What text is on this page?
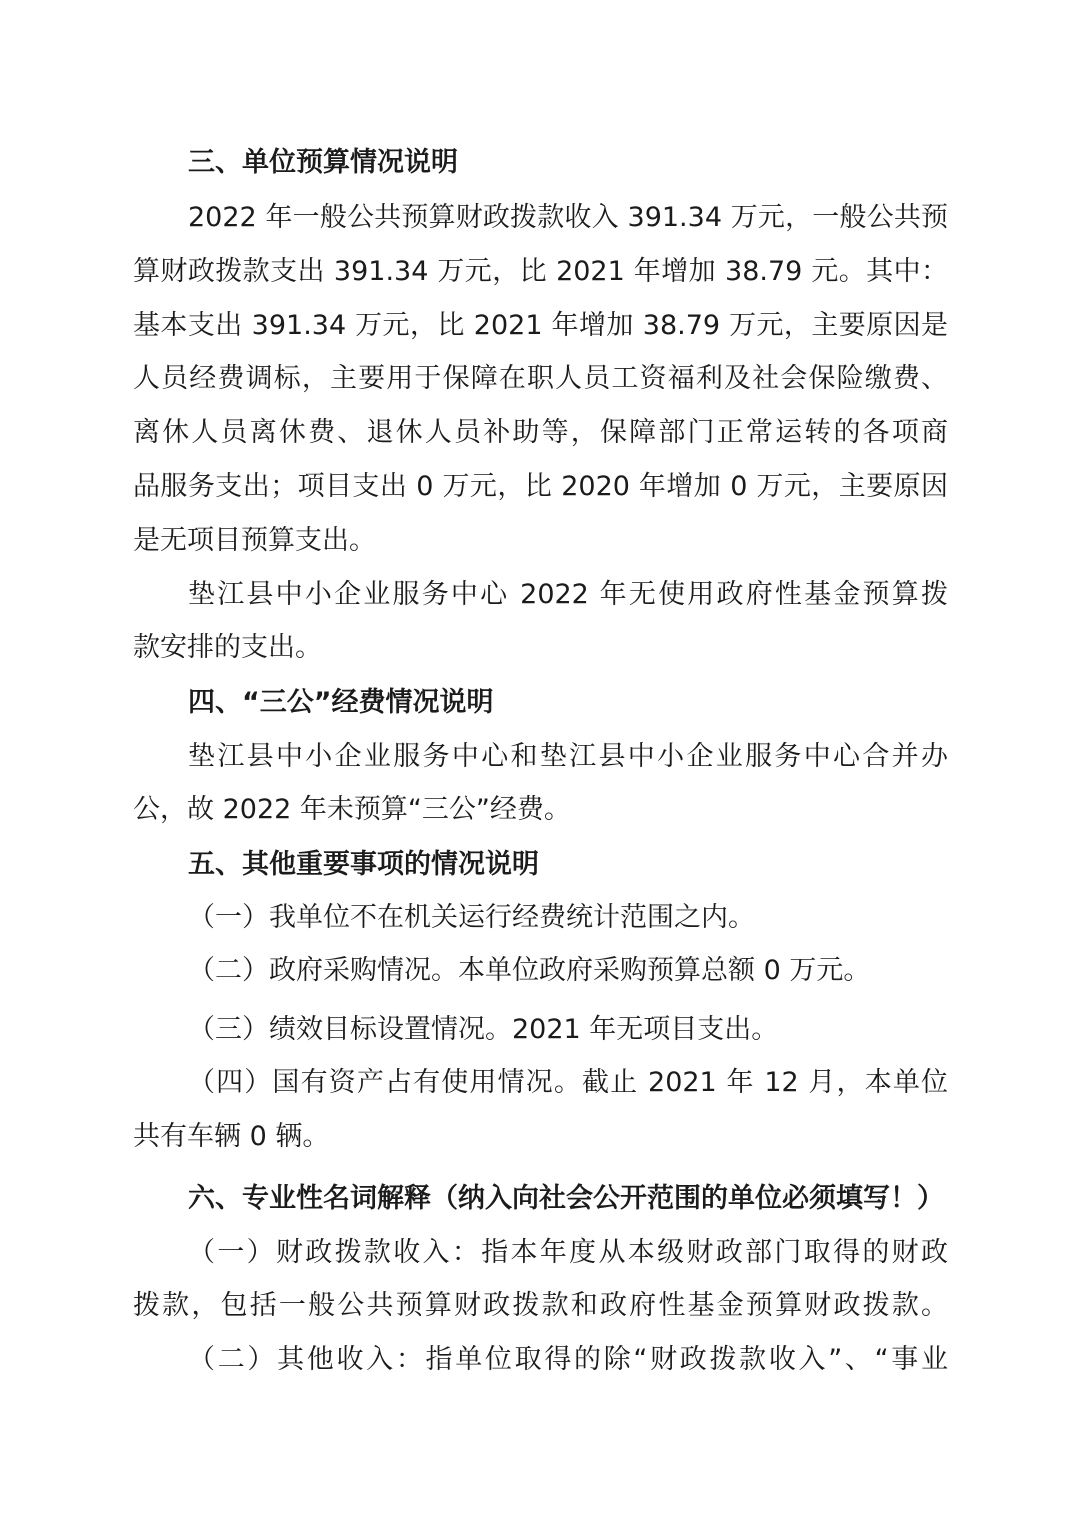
三、单位预算情况说明
2022 年一般公共预算财政拨款收入 391.34 万元，一般公共预
算财政拨款支出 391.34 万元，比 2021 年增加 38.79 元。其中：
基本支出 391.34 万元，比 2021 年增加 38.79 万元，主要原因是
人员经费调标，主要用于保障在职人员工资福利及社会保险缴费、
离休人员离休费、退休人员补助等，保障部门正常运转的各项商
品服务支出；项目支出 0 万元，比 2020 年增加 0 万元，主要原因
是无项目预算支出。
垫江县中小企业服务中心 2022 年无使用政府性基金预算拨
款安排的支出。
四、“三公”经费情况说明
垫江县中小企业服务中心和垫江县中小企业服务中心合并办
公，故 2022 年未预算“三公”经费。
五、其他重要事项的情况说明
（一）我单位不在机关运行经费统计范围之内。
（二）政府采购情况。本单位政府采购预算总额 0 万元。
（三）绩效目标设置情况。2021 年无项目支出。
（四）国有资产占有使用情况。截止 2021 年 12 月，本单位
共有车辆 0 辆。
六、专业性名词解释（纳入向社会公开范围的单位必须填写！）
（一）财政拨款收入：指本年度从本级财政部门取得的财政
拨款，包括一般公共预算财政拨款和政府性基金预算财政拨款。
（二）其他收入：指单位取得的除“财政拨款收入”、“事业
